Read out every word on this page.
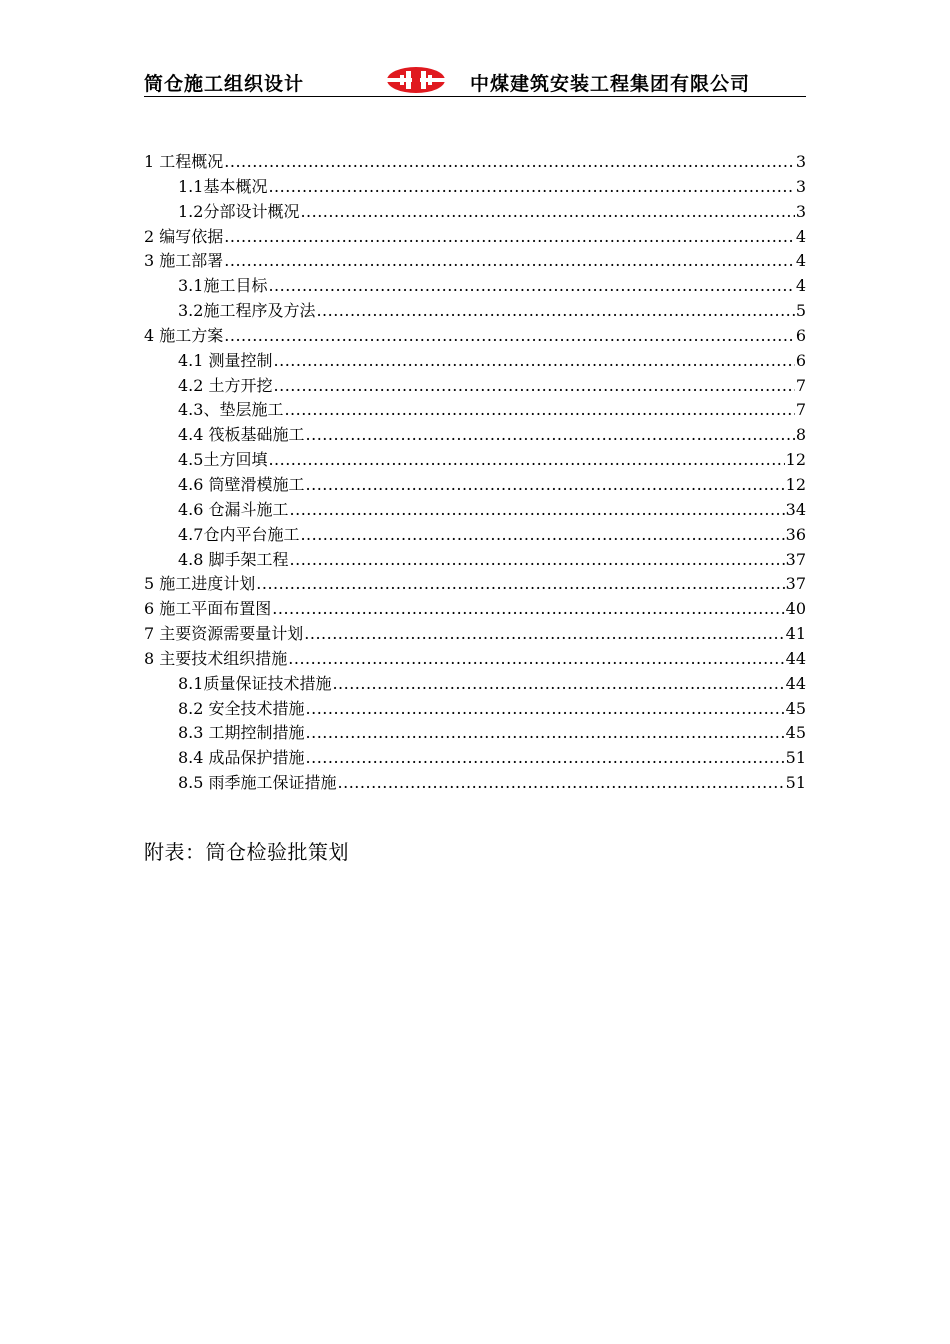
筒仓施工组织设计	中煤建筑安装工程集团有限公司
1 工程概况 .....	3
1.1基本概况 .....	3
1.2分部设计概况 .....	3
2 编写依据 .....	4
3 施工部署 .....	4
3.1施工目标 .....	4
3.2施工程序及方法 .....	5
4 施工方案 .....	6
4.1 测量控制 .....	6
4.2 土方开挖 .....	7
4.3、垫层施工 .....	7
4.4 筏板基础施工 .....	8
4.5土方回填 .....	12
4.6 筒壁滑模施工 .....	12
4.6 仓漏斗施工 .....	34
4.7仓内平台施工 .....	36
4.8 脚手架工程 .....	37
5 施工进度计划 .....	37
6 施工平面布置图 .....	40
7 主要资源需要量计划 .....	41
8 主要技术组织措施 .....	44
8.1质量保证技术措施 .....	44
8.2 安全技术措施 .....	45
8.3 工期控制措施 .....	45
8.4 成品保护措施 .....	51
8.5 雨季施工保证措施 .....	51
附表：筒仓检验批策划
